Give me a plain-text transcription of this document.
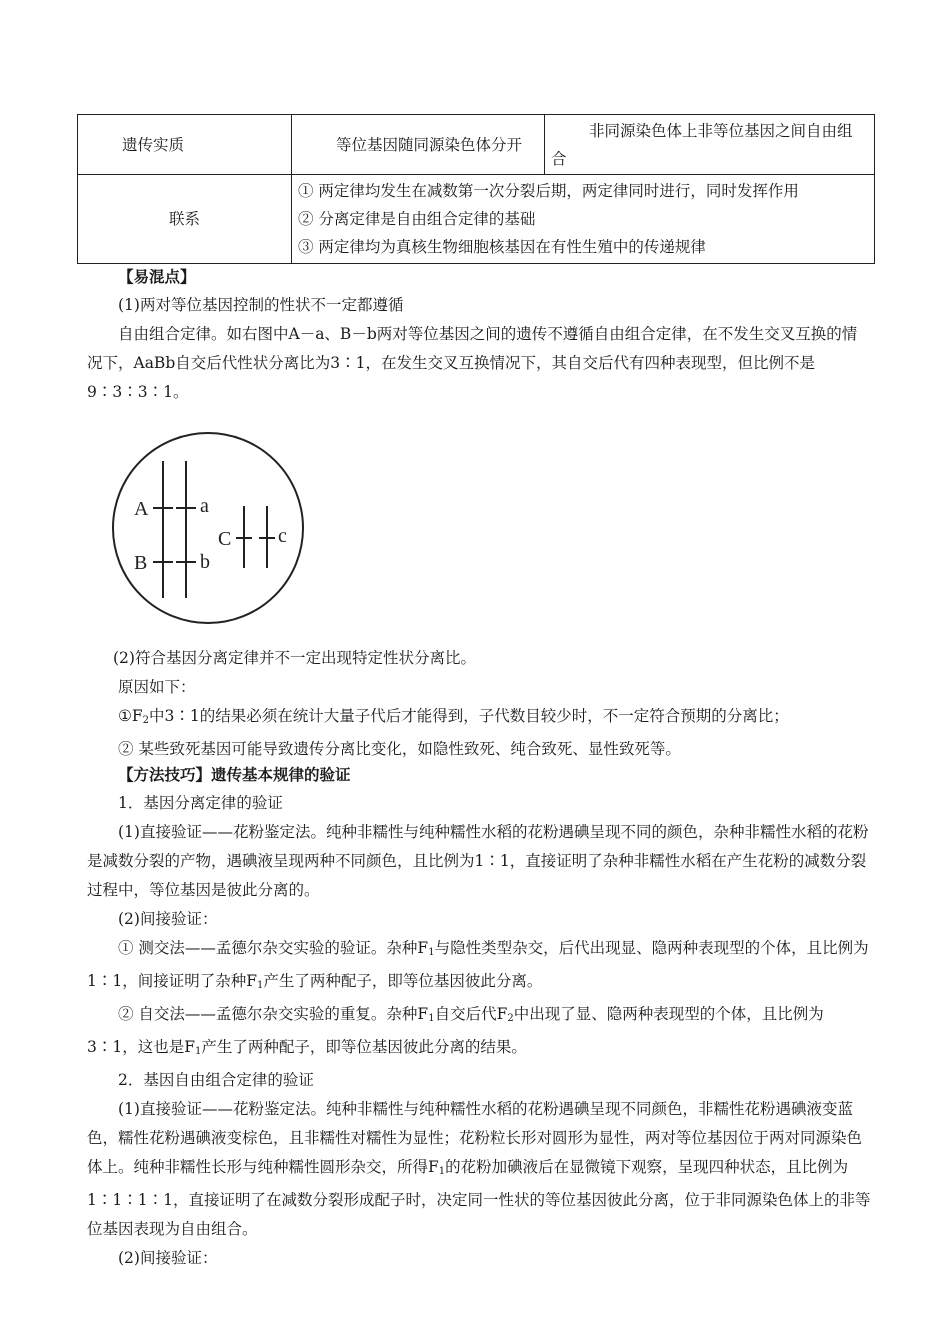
遗传实质	等位基因随同源染色体分开	非同源染色体上非等位基因之间自由组合
联系	① 两定律均发生在减数第一次分裂后期，两定律同时进行，同时发挥作用
② 分离定律是自由组合定律的基础
③ 两定律均为真核生物细胞核基因在有性生殖中的传递规律	

【易混点】

(1)两对等位基因控制的性状不一定都遵循

自由组合定律。如右图中A－a、B－b两对等位基因之间的遗传不遵循自由组合定律，在不发生交叉互换的情况下，AaBb自交后代性状分离比为3∶1，在发生交叉互换情况下，其自交后代有四种表现型，但比例不是9∶3∶3∶1。

A	a
B	b
C c

(2)符合基因分离定律并不一定出现特定性状分离比。

原因如下：

$①F_2$中3∶1的结果必须在统计大量子代后才能得到，子代数目较少时，不一定符合预期的分离比；

② 某些致死基因可能导致遗传分离比变化，如隐性致死、纯合致死、显性致死等。

【方法技巧】遗传基本规律的验证

1．基因分离定律的验证

(1)直接验证——花粉鉴定法。纯种非糯性与纯种糯性水稻的花粉遇碘呈现不同的颜色，杂种非糯性水稻的花粉是减数分裂的产物，遇碘液呈现两种不同颜色，且比例为1∶1，直接证明了杂种非糯性水稻在产生花粉的减数分裂过程中，等位基因是彼此分离的。

(2)间接验证：

① 测交法——孟德尔杂交实验的验证。杂种$F_1$与隐性类型杂交，后代出现显、隐两种表现型的个体，且比例为1∶1，间接证明了杂种$F_1$产生了两种配子，即等位基因彼此分离。

② 自交法——孟德尔杂交实验的重复。杂种$F_1$自交后代$F_2$中出现了显、隐两种表现型的个体，且比例为3∶1，这也是$F_1$产生了两种配子，即等位基因彼此分离的结果。

2．基因自由组合定律的验证

(1)直接验证——花粉鉴定法。纯种非糯性与纯种糯性水稻的花粉遇碘呈现不同颜色，非糯性花粉遇碘液变蓝色，糯性花粉遇碘液变棕色，且非糯性对糯性为显性；花粉粒长形对圆形为显性，两对等位基因位于两对同源染色体上。纯种非糯性长形与纯种糯性圆形杂交，所得$F_1$的花粉加碘液后在显微镜下观察，呈现四种状态，且比例为1∶1∶1∶1，直接证明了在减数分裂形成配子时，决定同一性状的等位基因彼此分离，位于非同源染色体上的非等位基因表现为自由组合。

(2)间接验证：
